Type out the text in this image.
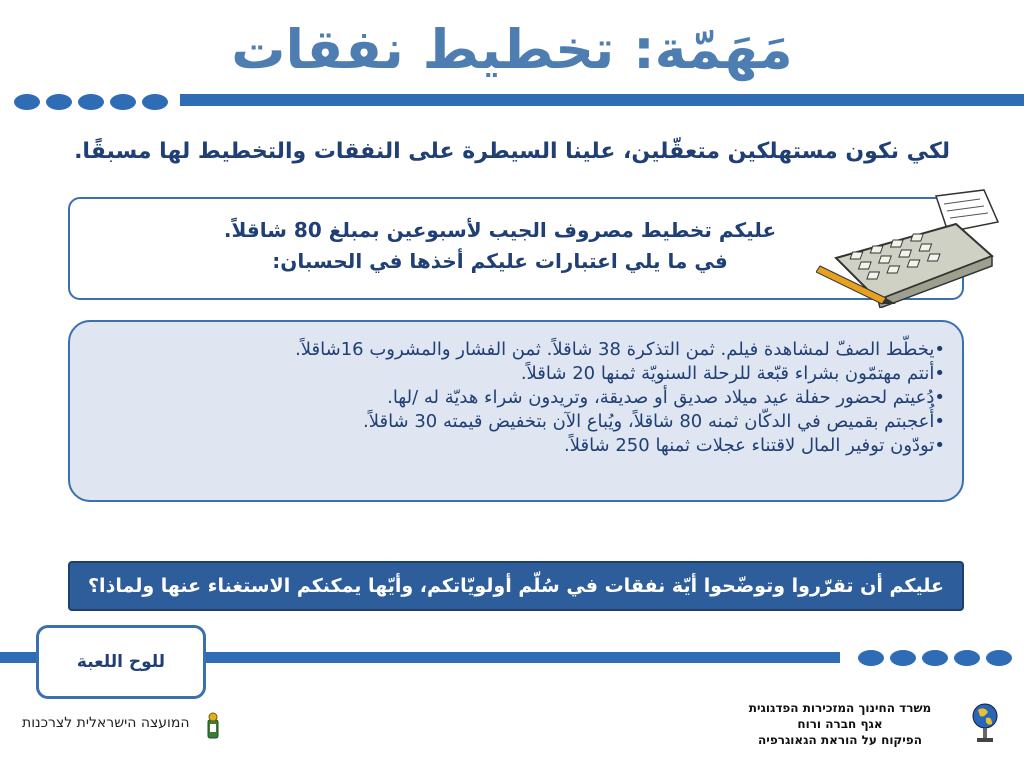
مَهَمّة: تخطيط نفقات
لكي نكون مستهلكين متعقّلين، علينا السيطرة على النفقات والتخطيط لها مسبقًا.
عليكم تخطيط مصروف الجيب لأسبوعين بمبلغ 80 شاقلاً.
في ما يلي اعتبارات عليكم أخذها في الحسبان:
•يخطّط الصفّ لمشاهدة فيلم. ثمن التذكرة 38 شاقلاً. ثمن الفشار والمشروب 16شاقلاً.
•أنتم مهتمّون بشراء قبّعة للرحلة السنويّة ثمنها 20 شاقلاً.
•دُعيتم لحضور حفلة عيد ميلاد صديق أو صديقة، وتريدون شراء هديّة له /لها.
•أُعجبتم بقميص في الدكّان ثمنه 80 شاقلاً، ويُباع الآن بتخفيض قيمته 30 شاقلاً.
•تودّون توفير المال لاقتناء عجلات ثمنها 250 شاقلاً.
عليكم أن تقرّروا وتوضّحوا أيّة نفقات في سُلّم أولويّاتكم، وأيّها يمكنكم الاستغناء عنها ولماذا؟
للوح اللعبة
המועצה הישראלית לצרכנות
משרד החינוך המזכירות הפדגוגית
אגף חברה ורוח
הפיקוח על הוראת הגאוגרפיה
